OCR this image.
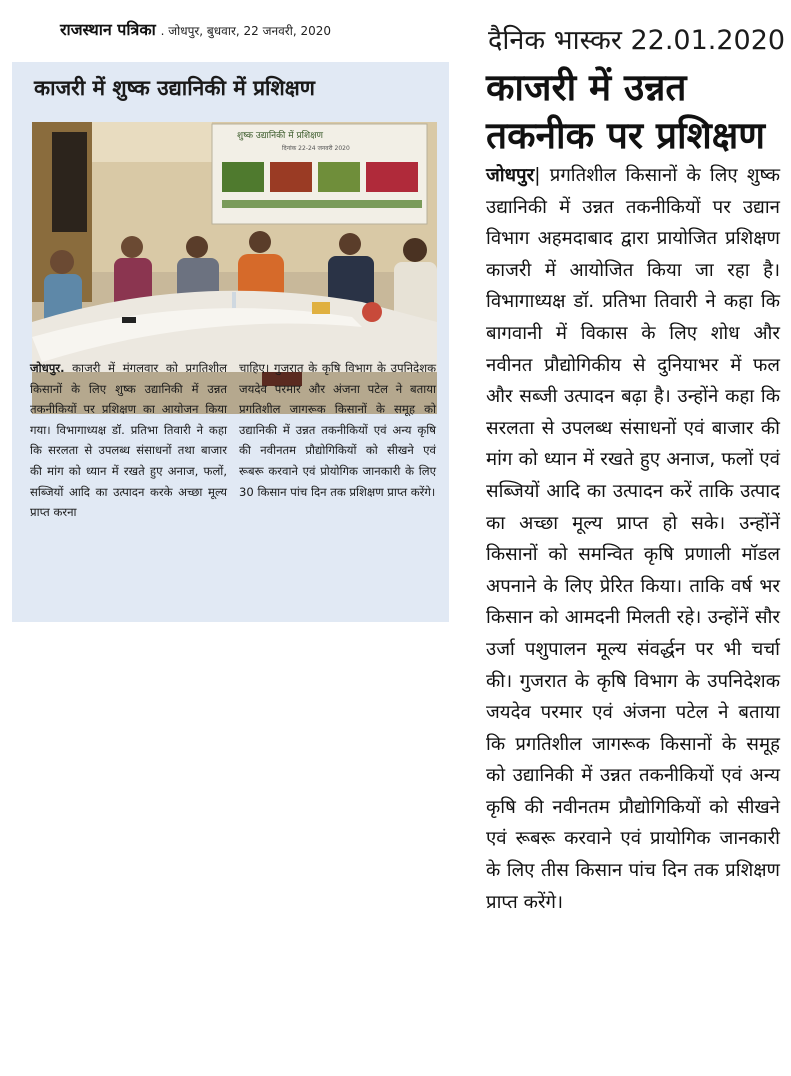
राजस्थान पत्रिका . जोधपुर, बुधवार, 22 जनवरी, 2020
काजरी में शुष्क उद्यानिकी में प्रशिक्षण
शुष्क उद्यानिकी में प्रशिक्षण
दिनांक 22-24 जनवरी 2020
जोधपुर. काजरी में मंगलवार को प्रगतिशील किसानों के लिए शुष्क उद्यानिकी में उन्नत तकनीकियों पर प्रशिक्षण का आयोजन किया गया। विभागाध्यक्ष डॉ. प्रतिभा तिवारी ने कहा कि सरलता से उपलब्ध संसाधनों तथा बाजार की मांग को ध्यान में रखते हुए अनाज, फलों, सब्जियों आदि का उत्पादन करके अच्छा मूल्य प्राप्त करना
चाहिए। गुजरात के कृषि विभाग के उपनिदेशक जयदेव परमार और अंजना पटेल ने बताया प्रगतिशील जागरूक किसानों के समूह को उद्यानिकी में उन्नत तकनीकियों एवं अन्य कृषि की नवीनतम प्रौद्योगिकियों को सीखने एवं रूबरू करवाने एवं प्रोयोगिक जानकारी के लिए 30 किसान पांच दिन तक प्रशिक्षण प्राप्त करेंगे।
दैनिक भास्कर 22.01.2020
काजरी में उन्नत तकनीक पर प्रशिक्षण
जोधपुर| प्रगतिशील किसानों के लिए शुष्क उद्यानिकी में उन्नत तकनीकियों पर उद्यान विभाग अहमदाबाद द्वारा प्रायोजित प्रशिक्षण काजरी में आयोजित किया जा रहा है। विभागाध्यक्ष डॉ. प्रतिभा तिवारी ने कहा कि बागवानी में विकास के लिए शोध और नवीनत प्रौद्योगिकीय से दुनियाभर में फल और सब्जी उत्पादन बढ़ा है। उन्होंने कहा कि सरलता से उपलब्ध संसाधनों एवं बाजार की मांग को ध्यान में रखते हुए अनाज, फलों एवं सब्जियों आदि का उत्पादन करें ताकि उत्पाद का अच्छा मूल्य प्राप्त हो सके। उन्होंनें किसानों को समन्वित कृषि प्रणाली मॉडल अपनाने के लिए प्रेरित किया। ताकि वर्ष भर किसान को आमदनी मिलती रहे। उन्होंनें सौर उर्जा पशुपालन मूल्य संवर्द्धन पर भी चर्चा की। गुजरात के कृषि विभाग के उपनिदेशक जयदेव परमार एवं अंजना पटेल ने बताया कि प्रगतिशील जागरूक किसानों के समूह को उद्यानिकी में उन्नत तकनीकियों एवं अन्य कृषि की नवीनतम प्रौद्योगिकियों को सीखने एवं रूबरू करवाने एवं प्रायोगिक जानकारी के लिए तीस किसान पांच दिन तक प्रशिक्षण प्राप्त करेंगे।
